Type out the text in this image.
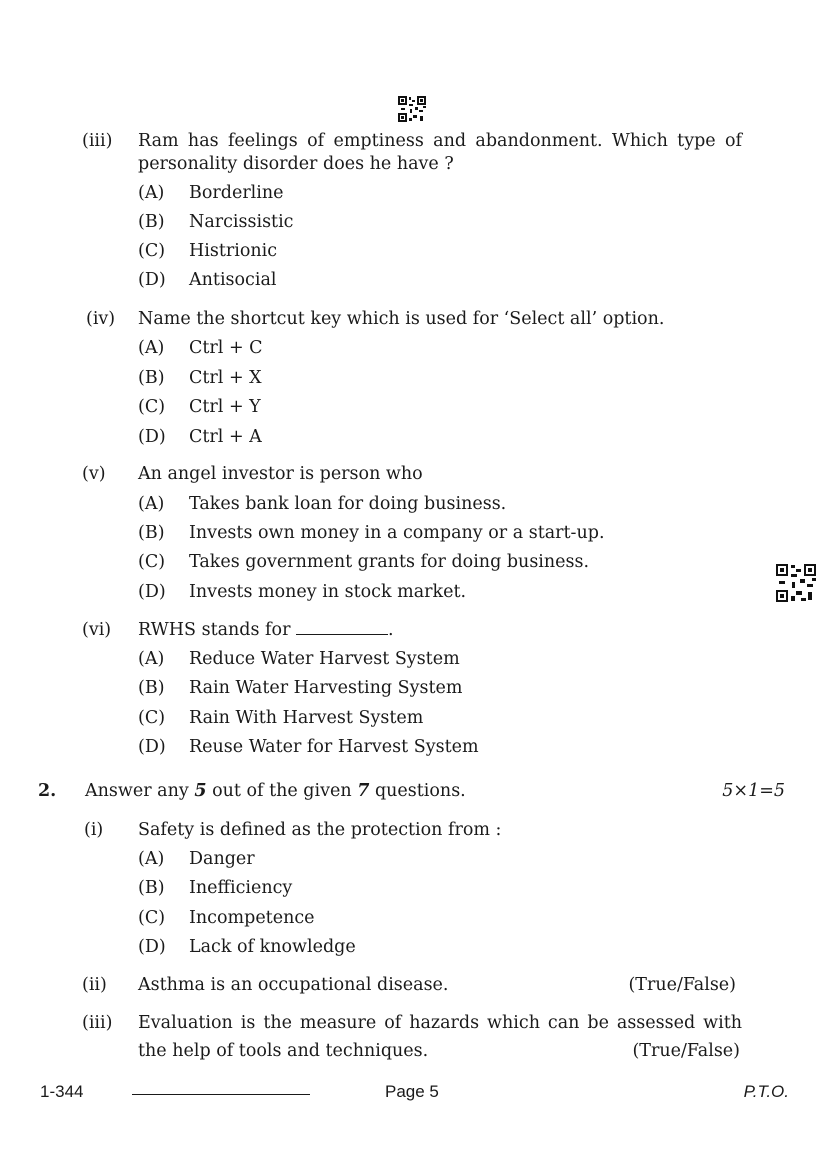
(iii) Ram has feelings of emptiness and abandonment. Which type of
personality disorder does he have ?
(A) Borderline
(B) Narcissistic
(C) Histrionic
(D) Antisocial
(iv) Name the shortcut key which is used for ‘Select all’ option.
(A) Ctrl + C
(B) Ctrl + X
(C) Ctrl + Y
(D) Ctrl + A
(v) An angel investor is person who
(A) Takes bank loan for doing business.
(B) Invests own money in a company or a start-up.
(C) Takes government grants for doing business.
(D) Invests money in stock market.
(vi) RWHS stands for	.
(A) Reduce Water Harvest System
(B) Rain Water Harvesting System
(C) Rain With Harvest System
(D) Reuse Water for Harvest System
2. Answer any 5 out of the given 7 questions.	5×1=5
(i) Safety is defined as the protection from :
(A) Danger
(B) Inefficiency
(C) Incompetence
(D) Lack of knowledge
(ii) Asthma is an occupational disease.	(True/False)
(iii) Evaluation is the measure of hazards which can be assessed with
the help of tools and techniques.	(True/False)
1-344	Page 5	P.T.O.
